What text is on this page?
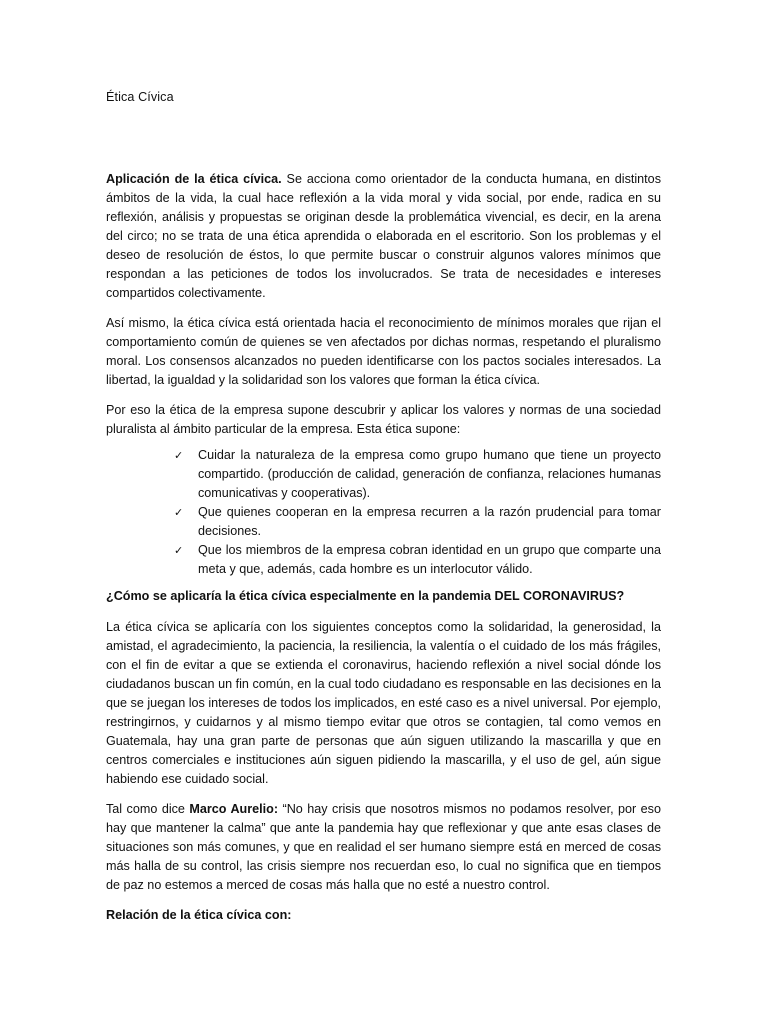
Ética Cívica

Aplicación de la ética cívica. Se acciona como orientador de la conducta humana, en distintos ámbitos de la vida, la cual hace reflexión a la vida moral y vida social, por ende, radica en su reflexión, análisis y propuestas se originan desde la problemática vivencial, es decir, en la arena del circo; no se trata de una ética aprendida o elaborada en el escritorio. Son los problemas y el deseo de resolución de éstos, lo que permite buscar o construir algunos valores mínimos que respondan a las peticiones de todos los involucrados. Se trata de necesidades e intereses compartidos colectivamente.

Así mismo, la ética cívica está orientada hacia el reconocimiento de mínimos morales que rijan el comportamiento común de quienes se ven afectados por dichas normas, respetando el pluralismo moral. Los consensos alcanzados no pueden identificarse con los pactos sociales interesados. La libertad, la igualdad y la solidaridad son los valores que forman la ética cívica.

Por eso la ética de la empresa supone descubrir y aplicar los valores y normas de una sociedad pluralista al ámbito particular de la empresa. Esta ética supone:

✓ Cuidar la naturaleza de la empresa como grupo humano que tiene un proyecto compartido. (producción de calidad, generación de confianza, relaciones humanas comunicativas y cooperativas).
✓ Que quienes cooperan en la empresa recurren a la razón prudencial para tomar decisiones.
✓ Que los miembros de la empresa cobran identidad en un grupo que comparte una meta y que, además, cada hombre es un interlocutor válido.

¿Cómo se aplicaría la ética cívica especialmente en la pandemia DEL CORONAVIRUS?

La ética cívica se aplicaría con los siguientes conceptos como la solidaridad, la generosidad, la amistad, el agradecimiento, la paciencia, la resiliencia, la valentía o el cuidado de los más frágiles, con el fin de evitar a que se extienda el coronavirus, haciendo reflexión a nivel social dónde los ciudadanos buscan un fin común, en la cual todo ciudadano es responsable en las decisiones en la que se juegan los intereses de todos los implicados, en esté caso es a nivel universal. Por ejemplo, restringirnos, y cuidarnos y al mismo tiempo evitar que otros se contagien, tal como vemos en Guatemala, hay una gran parte de personas que aún siguen utilizando la mascarilla y que en centros comerciales e instituciones aún siguen pidiendo la mascarilla, y el uso de gel, aún sigue habiendo ese cuidado social.

Tal como dice Marco Aurelio: “No hay crisis que nosotros mismos no podamos resolver, por eso hay que mantener la calma” que ante la pandemia hay que reflexionar y que ante esas clases de situaciones son más comunes, y que en realidad el ser humano siempre está en merced de cosas más halla de su control, las crisis siempre nos recuerdan eso, lo cual no significa que en tiempos de paz no estemos a merced de cosas más halla que no esté a nuestro control.

Relación de la ética cívica con:
